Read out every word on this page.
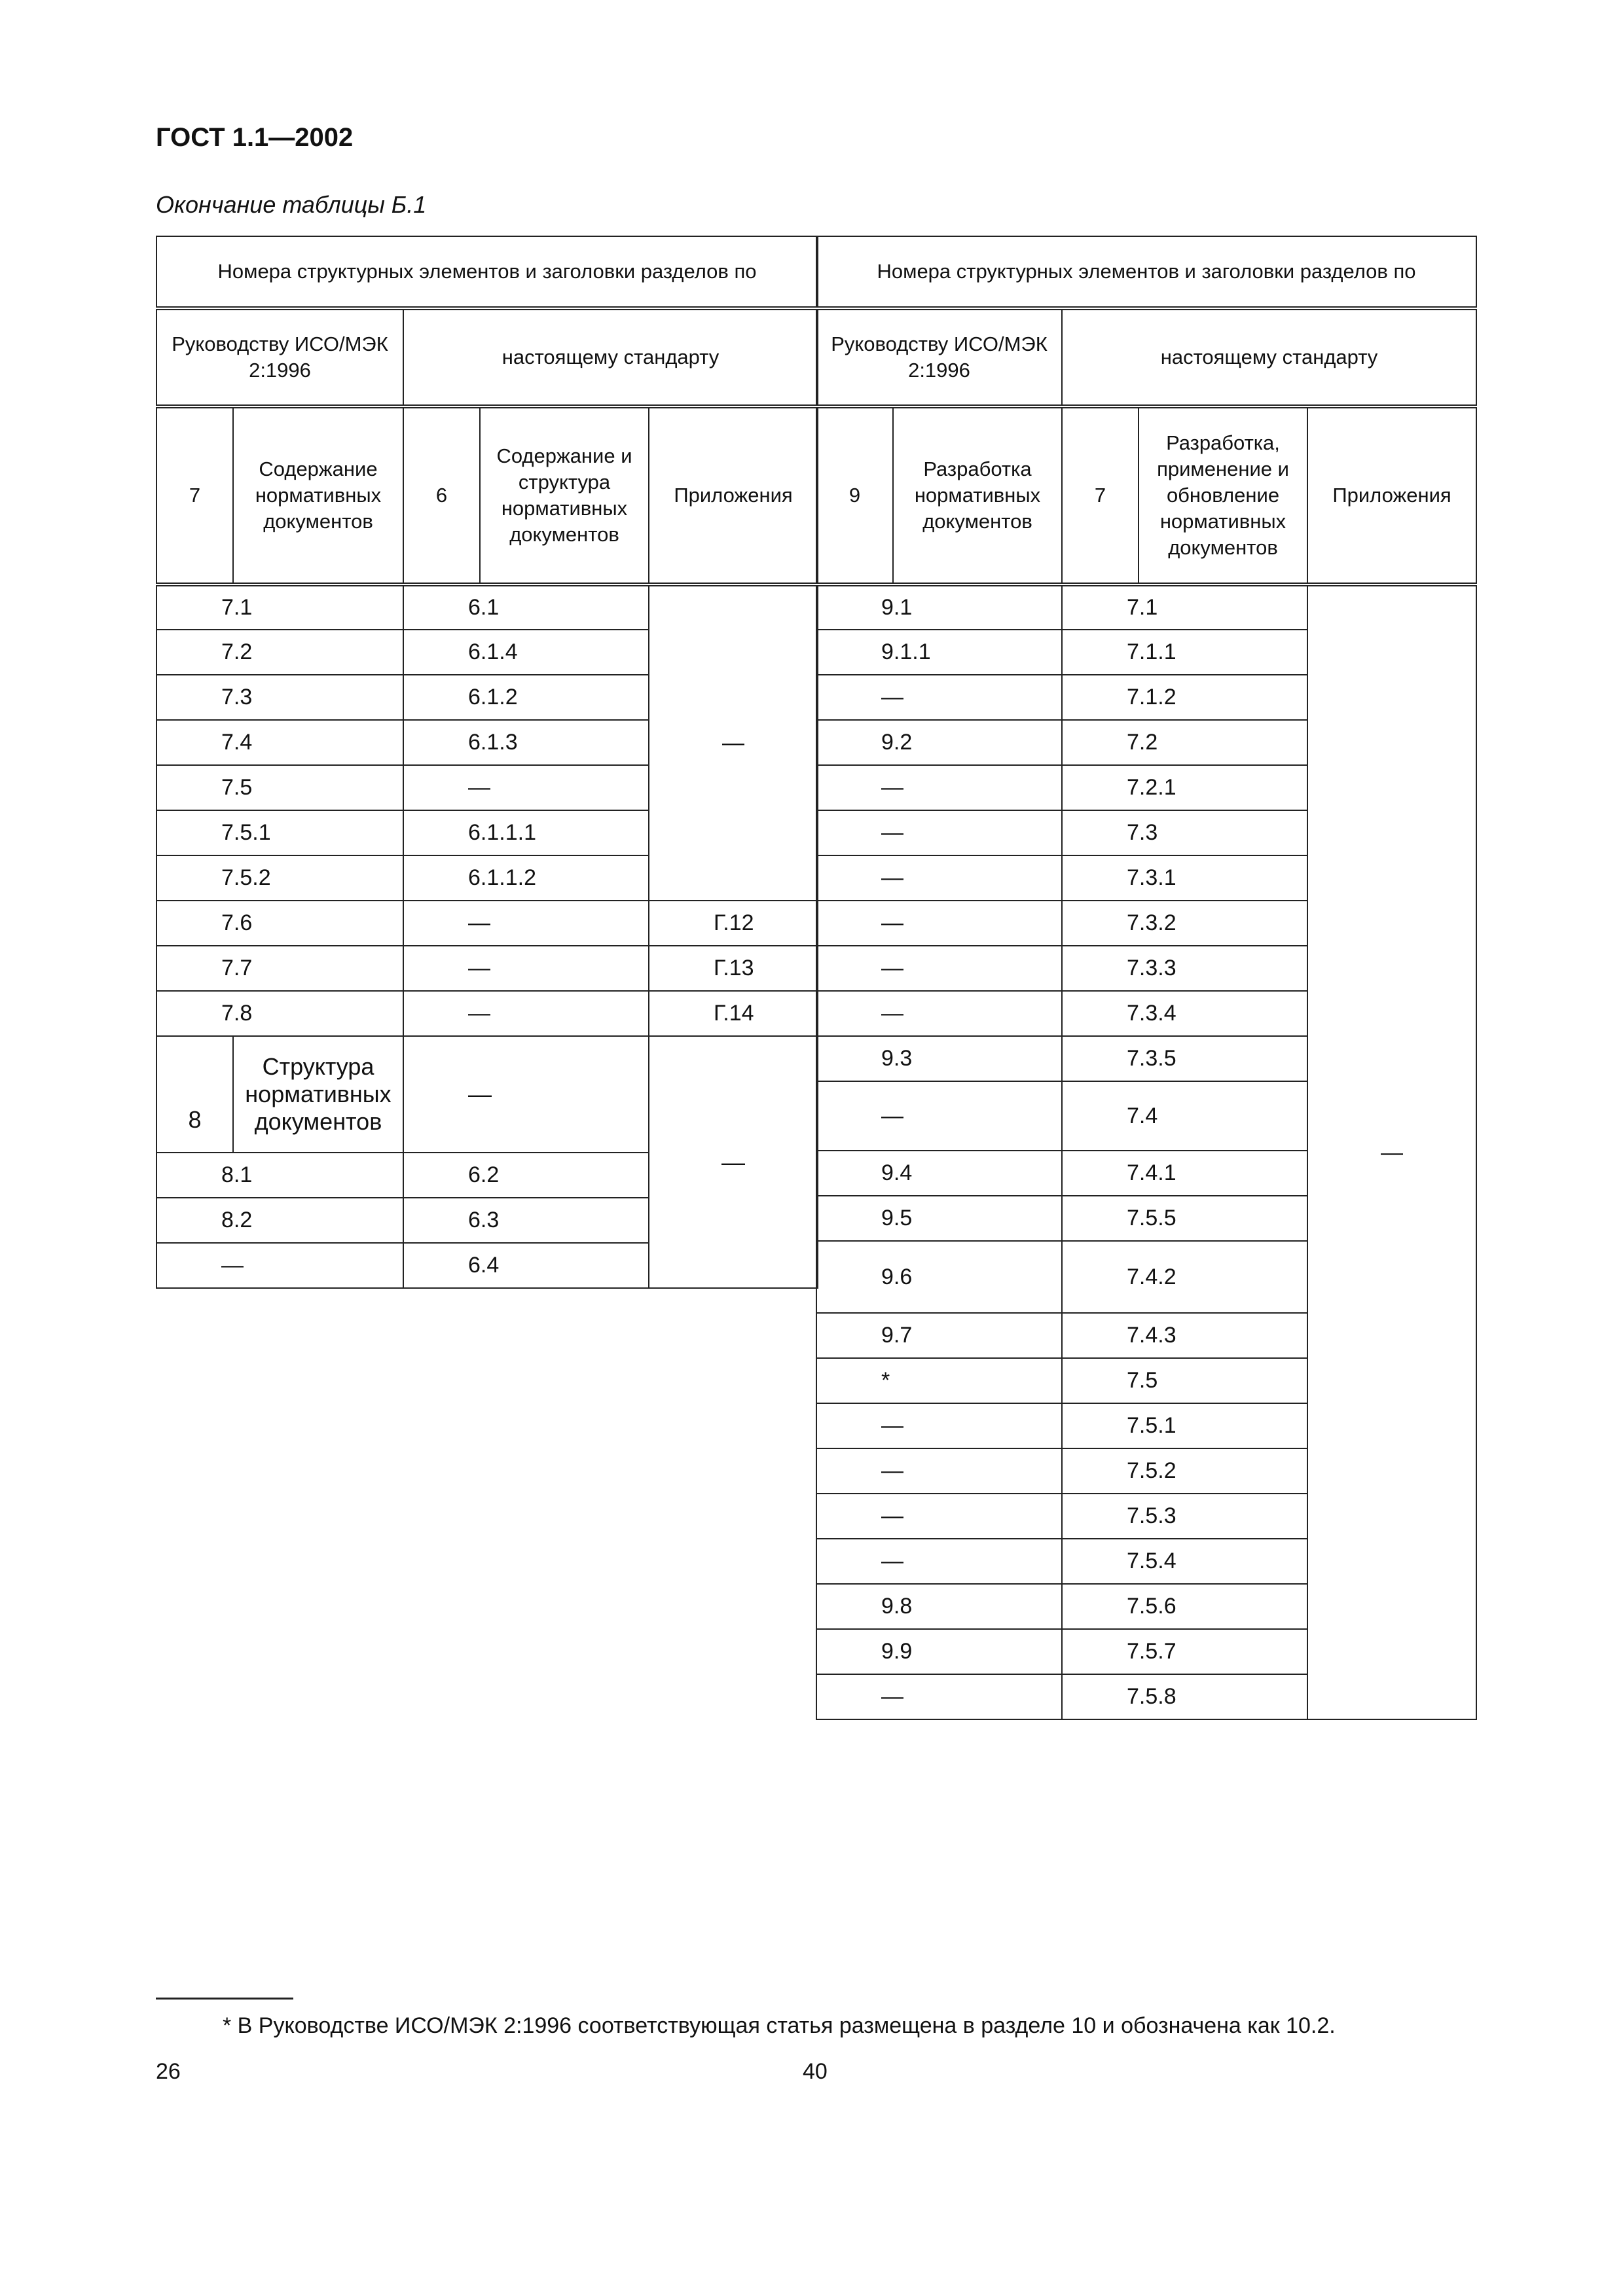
ГОСТ 1.1—2002
Окончание таблицы Б.1
Номера структурных элементов и заголовки разделов по				
Руководству ИСО/МЭК 2:1996		настоящему стандарту		
7	Содержание нормативных документов	6	Содержание и структура нормативных документов	Приложения
7.1		6.1		—
7.2		6.1.4		
7.3		6.1.2		
7.4		6.1.3		
7.5		—		
7.5.1		6.1.1.1		
7.5.2		6.1.1.2		
7.6		—		Г.12
7.7		—		Г.13
7.8		—		Г.14
8	Структура нормативных документов	—		—
8.1		6.2		
8.2		6.3		
—		6.4		
Номера структурных элементов и заголовки разделов по				
Руководству ИСО/МЭК 2:1996		настоящему стандарту		
9	Разработка нормативных документов	7	Разработка, применение и обновление нормативных документов	Приложения
9.1		7.1		—
9.1.1		7.1.1		
—		7.1.2		
9.2		7.2		
—		7.2.1		
—		7.3		
—		7.3.1		
—		7.3.2		
—		7.3.3		
—		7.3.4		
9.3		7.3.5		
—		7.4		
9.4		7.4.1		
9.5		7.5.5		
9.6		7.4.2		
9.7		7.4.3		
*		7.5		
—		7.5.1		
—		7.5.2		
—		7.5.3		
—		7.5.4		
9.8		7.5.6		
9.9		7.5.7		
—		7.5.8		
* В Руководстве ИСО/МЭК 2:1996 соответствующая статья размещена в разделе 10 и обозначена как 10.2.
26	40
